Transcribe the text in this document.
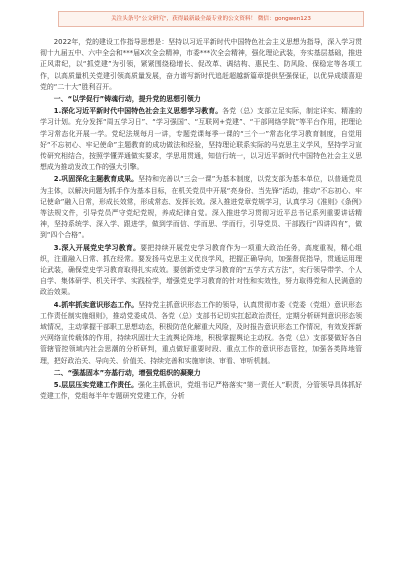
关注头条号"公文研究"，获得最新最全最专业的公文资料！ 微信：gongwen123

2022年，党的建设工作指导思想是：坚持以习近平新时代中国特色社会主义思想为指导，深入学习贯彻十九届五中、六中全会和***届X次全会精神，市委***次全会精神，强化理论武装，夯实基层基础，推进正风肃纪，以“抓党建”为引领，紧紧围绕稳增长、促改革、调结构、惠民生、防风险、保稳定等各项工作，以高质量机关党建引领高质量发展，奋力谱写新时代追赶超越新篇章提供坚强保证，以优异成绩喜迎党的“二十大”胜利召开。

一、“以学促行”铸魂行动，提升党的思想引领力

1.深化习近平新时代中国特色社会主义思想学习教育。各党（总）支部立足实际，制定详实、精准的学习计划。充分发挥“周五学习日”、“学习强国”、“互联网+党建”、“干部网络学院”等平台作用，把理论学习常态化开展一学。党纪法规每月一讲，专题党课每季一课的“三个一”常态化学习教育制度，自觉用好“不忘初心、牢记使命”主题教育的成功做法和经验，坚持理论联系实际的马克思主义学风，坚持学习宣传研究相结合，按照学懂弄通做实要求，学思用贯通，知信行统一，以习近平新时代中国特色社会主义思想成为推动发改工作的强大引擎。

2.巩固深化主题教育成果。坚持和完善以“三会一课”为基本制度，以党支部为基本单位，以普通党员为主体，以解决问题为抓手作为基本目标，在机关党员中开展“亮身份、当先锋”活动，推动“不忘初心、牢记使命”融入日常，形成长效常，形成常态、发挥长效。深入推进党章党规学习，认真学习《准则》《条例》等法规文件，引导党员严守党纪党规，养成纪律自觉。深入推进学习贯彻习近平总书记系列重要讲话精神，坚持系统学、深入学、跟进学，做到学而信、学而思、学而行，引导党员、干部践行“四讲四有”，做到“四个合格”。

3.深入开展党史学习教育。要把持续开展党史学习教育作为一项重大政治任务，高度重视，精心组织，注重融入日常、抓在经常。要发扬马克思主义优良学风，把握正确导向，加强督促指导，贯通运用理论武装，确保党史学习教育取得扎实成效。要创新党史学习教育的“五学方式方法”，实行领导带学、个人自学、集体研学、机关评学、实践检学，增强党史学习教育的针对性和实效性，努力取得党和人民满意的政治效果。

4.抓牢抓实意识形态工作。坚持党主抓意识形态工作的领导，认真贯彻市委《党委（党组）意识形态工作责任制实施细则》，推动党委成员、各党（总）支部书记切实扛起政治责任，定期分析研判意识形态领域情况，主动掌握干部职工思想动态，积极防范化解重大风险，及时报告意识形态工作情况，有效发挥新兴网络宣传载体的作用，持续巩固壮大主流舆论阵地，积极掌握舆论主动权。各党（总）支部要做好各自管辖管控领域内社会思潮的分析研判，重点做好重要时段、重点工作的意识形态管控，加强各类阵地管理，把好政治关、导向关、价值关、持续完善和实施审读、审看、审听机制。

二、“强基固本”夯基行动，增强党组织的凝聚力

5.层层压实党建工作责任。强化主抓意识，党组书记严格落实“第一责任人”职责，分管领导具体抓好党建工作，党组每半年专题研究党建工作，分析
